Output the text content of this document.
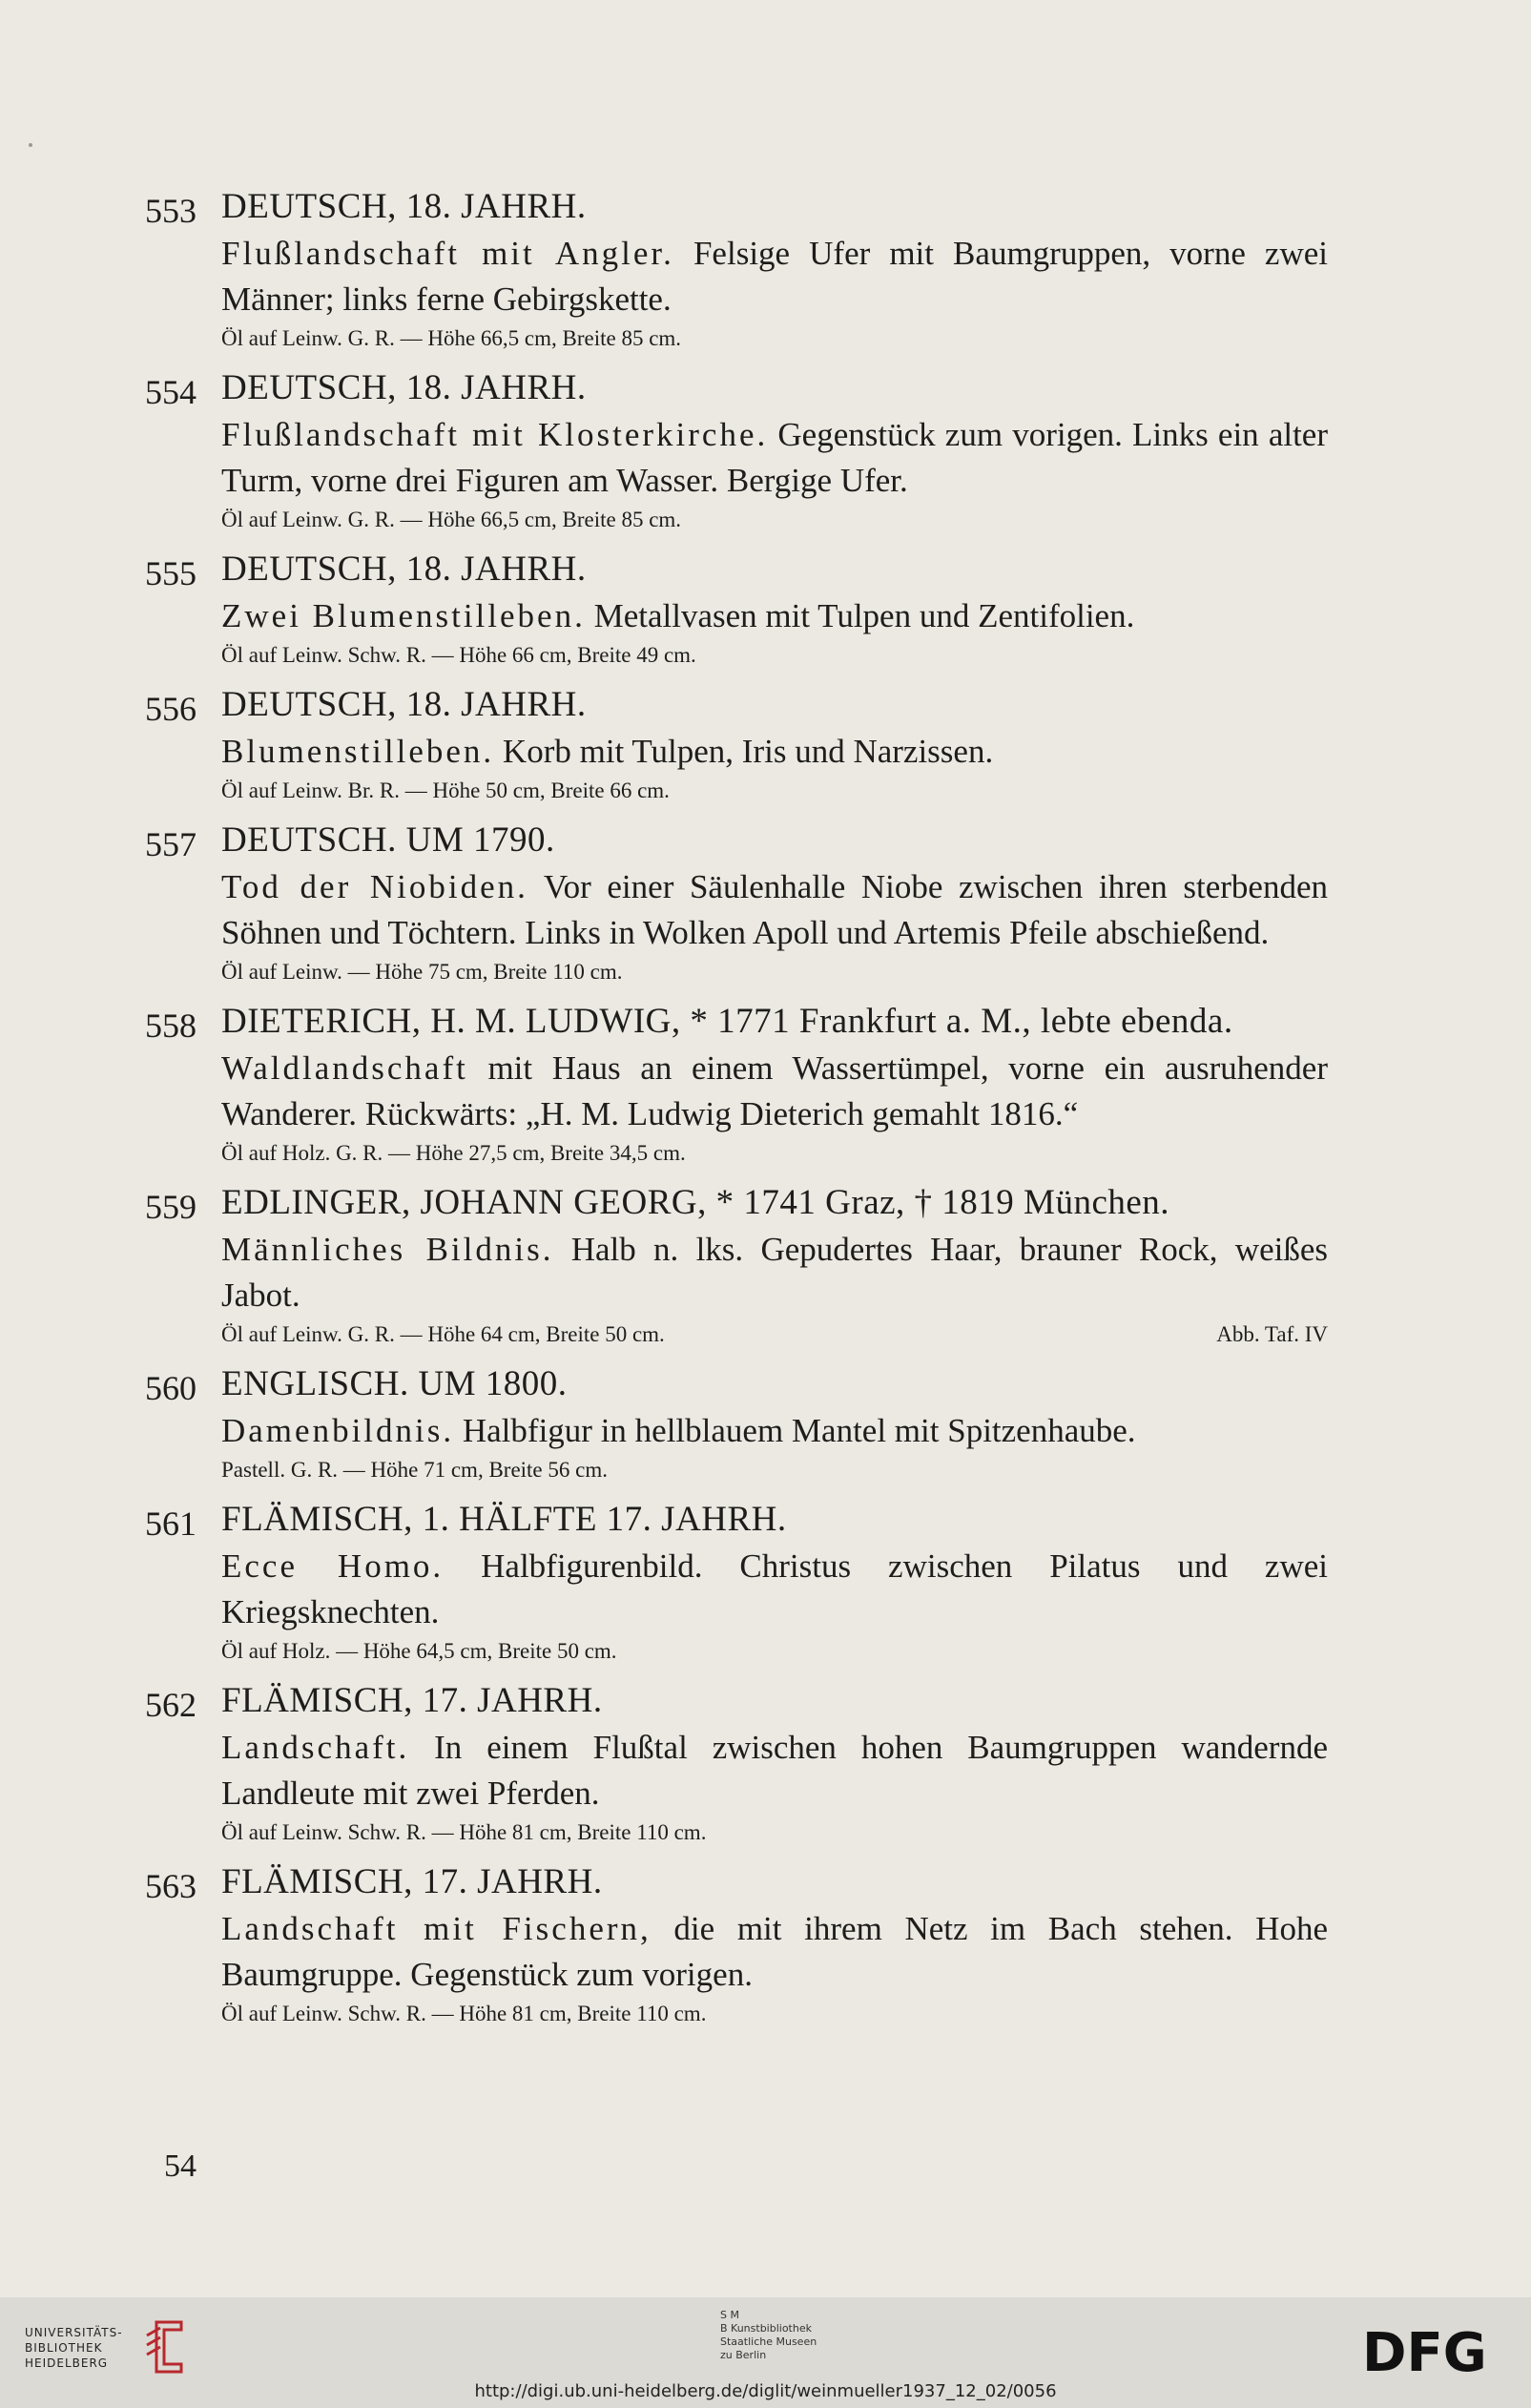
553 DEUTSCH, 18. JAHRH.
Flußlandschaft mit Angler. Felsige Ufer mit Baumgruppen, vorne zwei Männer; links ferne Gebirgskette.
Öl auf Leinw. G. R. — Höhe 66,5 cm, Breite 85 cm.
554 DEUTSCH, 18. JAHRH.
Flußlandschaft mit Klosterkirche. Gegenstück zum vorigen. Links ein alter Turm, vorne drei Figuren am Wasser. Bergige Ufer.
Öl auf Leinw. G. R. — Höhe 66,5 cm, Breite 85 cm.
555 DEUTSCH, 18. JAHRH.
Zwei Blumenstilleben. Metallvasen mit Tulpen und Zentifolien.
Öl auf Leinw. Schw. R. — Höhe 66 cm, Breite 49 cm.
556 DEUTSCH, 18. JAHRH.
Blumenstilleben. Korb mit Tulpen, Iris und Narzissen.
Öl auf Leinw. Br. R. — Höhe 50 cm, Breite 66 cm.
557 DEUTSCH. UM 1790.
Tod der Niobiden. Vor einer Säulenhalle Niobe zwischen ihren sterbenden Söhnen und Töchtern. Links in Wolken Apoll und Artemis Pfeile abschießend.
Öl auf Leinw. — Höhe 75 cm, Breite 110 cm.
558 DIETERICH, H. M. LUDWIG, * 1771 Frankfurt a. M., lebte ebenda.
Waldlandschaft mit Haus an einem Wassertümpel, vorne ein ausruhender Wanderer. Rückwärts: „H. M. Ludwig Dieterich gemahlt 1816.“
Öl auf Holz. G. R. — Höhe 27,5 cm, Breite 34,5 cm.
559 EDLINGER, JOHANN GEORG, * 1741 Graz, † 1819 München.
Männliches Bildnis. Halb n. lks. Gepudertes Haar, brauner Rock, weißes Jabot.
Öl auf Leinw. G. R. — Höhe 64 cm, Breite 50 cm.	Abb. Taf. IV
560 ENGLISCH. UM 1800.
Damenbildnis. Halbfigur in hellblauem Mantel mit Spitzenhaube.
Pastell. G. R. — Höhe 71 cm, Breite 56 cm.
561 FLÄMISCH, 1. HÄLFTE 17. JAHRH.
Ecce Homo. Halbfigurenbild. Christus zwischen Pilatus und zwei Kriegsknechten.
Öl auf Holz. — Höhe 64,5 cm, Breite 50 cm.
562 FLÄMISCH, 17. JAHRH.
Landschaft. In einem Flußtal zwischen hohen Baumgruppen wandernde Landleute mit zwei Pferden.
Öl auf Leinw. Schw. R. — Höhe 81 cm, Breite 110 cm.
563 FLÄMISCH, 17. JAHRH.
Landschaft mit Fischern, die mit ihrem Netz im Bach stehen. Hohe Baumgruppe. Gegenstück zum vorigen.
Öl auf Leinw. Schw. R. — Höhe 81 cm, Breite 110 cm.
54
UNIVERSITÄTS-
BIBLIOTHEK
HEIDELBERG
S M
B Kunstbibliothek
Staatliche Museen
zu Berlin	DFG
http://digi.ub.uni-heidelberg.de/diglit/weinmueller1937_12_02/0056
